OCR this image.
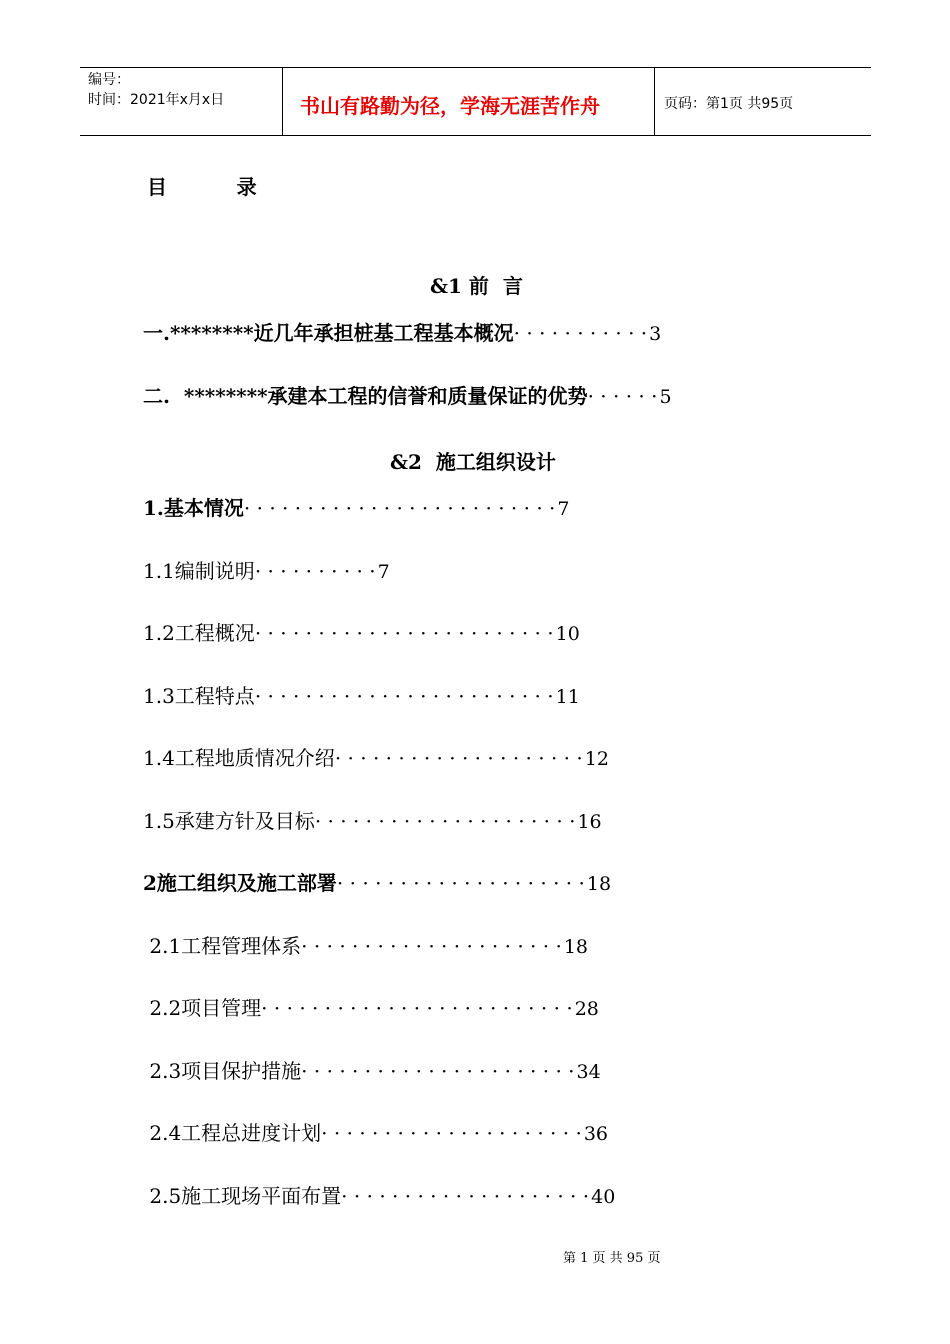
编号：
时间：2021年x月x日	书山有路勤为径，学海无涯苦作舟	页码：第1页 共95页
目          录
&1 前  言
&2  施工组织设计
一.********近几年承担桩基工程基本概况 · · · · · · · · · · · 3
二.  ********承建本工程的信誉和质量保证的优势 · · · · · · 5
1.基本情况 · · · · · · · · · · · · · · · · · · · · · · · · · 7
1.1编制说明 · · · · · · · · · · 7
1.2工程概况 · · · · · · · · · · · · · · · · · · · · · · · · 10
1.3工程特点 · · · · · · · · · · · · · · · · · · · · · · · · 11
1.4工程地质情况介绍 · · · · · · · · · · · · · · · · · · · · 12
1.5承建方针及目标 · · · · · · · · · · · · · · · · · · · · · 16
2施工组织及施工部署 · · · · · · · · · · · · · · · · · · · · 18
2.1工程管理体系 · · · · · · · · · · · · · · · · · · · · · 18
2.2项目管理 · · · · · · · · · · · · · · · · · · · · · · · · · 28
2.3项目保护措施 · · · · · · · · · · · · · · · · · · · · · · 34
2.4工程总进度计划 · · · · · · · · · · · · · · · · · · · · · 36
2.5施工现场平面布置 · · · · · · · · · · · · · · · · · · · · 40
第 1 页 共 95 页
